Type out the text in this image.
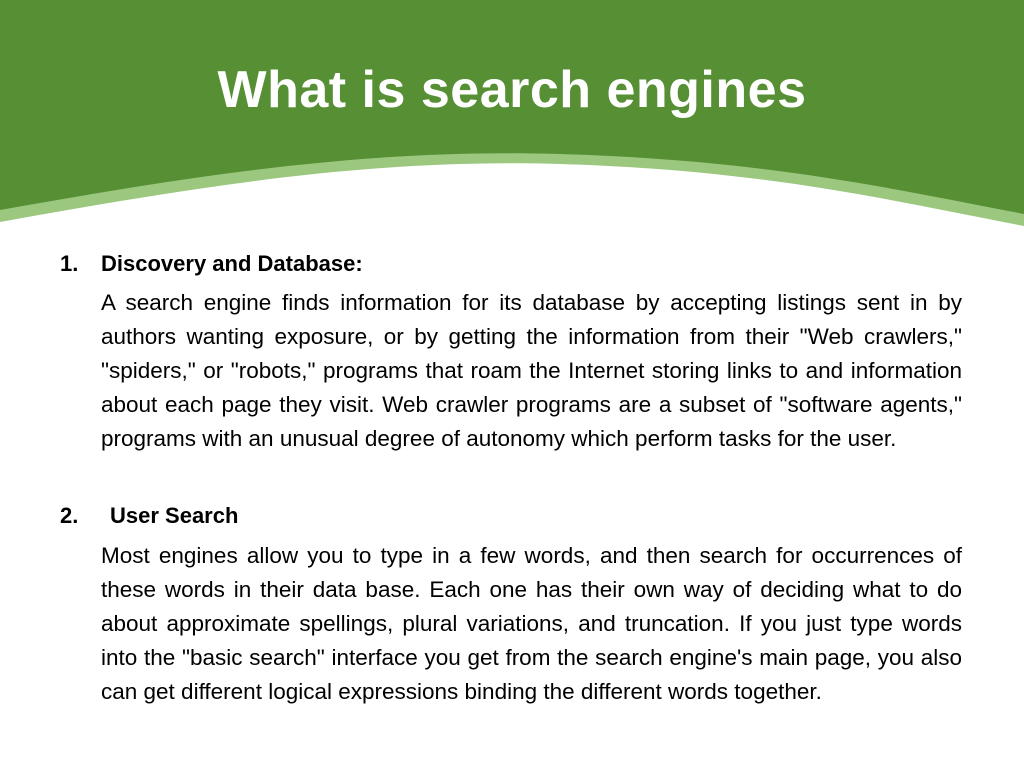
What is search engines
1. Discovery and Database:

A search engine finds information for its database by accepting listings sent in by authors wanting exposure, or by getting the information from their "Web crawlers," "spiders," or "robots," programs that roam the Internet storing links to and information about each page they visit. Web crawler programs are a subset of "software agents," programs with an unusual degree of autonomy which perform tasks for the user.

2. User Search

Most engines allow you to type in a few words, and then search for occurrences of these words in their data base. Each one has their own way of deciding what to do about approximate spellings, plural variations, and truncation. If you just type words into the "basic search" interface you get from the search engine's main page, you also can get different logical expressions binding the different words together.
